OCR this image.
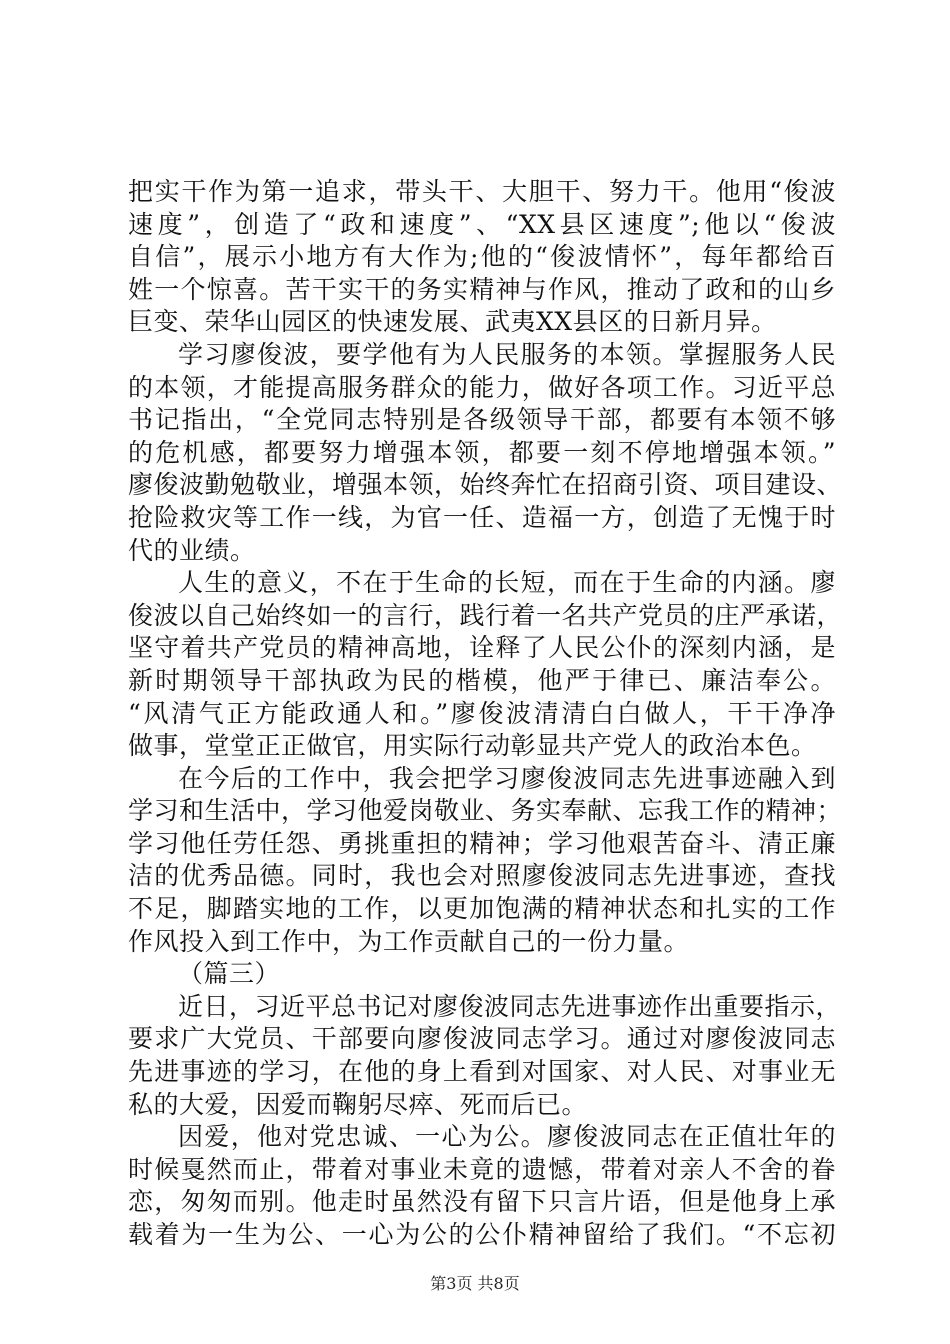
把实干作为第一追求，带头干、大胆干、努力干。他用“俊波
速度”，创造了“政和速度”、“XX县区速度”;他以“俊波
自信”，展示小地方有大作为;他的“俊波情怀”，每年都给百
姓一个惊喜。苦干实干的务实精神与作风，推动了政和的山乡
巨变、荣华山园区的快速发展、武夷XX县区的日新月异。
学习廖俊波，要学他有为人民服务的本领。掌握服务人民
的本领，才能提高服务群众的能力，做好各项工作。习近平总
书记指出，“全党同志特别是各级领导干部，都要有本领不够
的危机感，都要努力增强本领，都要一刻不停地增强本领。”
廖俊波勤勉敬业，增强本领，始终奔忙在招商引资、项目建设、
抢险救灾等工作一线，为官一任、造福一方，创造了无愧于时
代的业绩。
人生的意义，不在于生命的长短，而在于生命的内涵。廖
俊波以自己始终如一的言行，践行着一名共产党员的庄严承诺，
坚守着共产党员的精神高地，诠释了人民公仆的深刻内涵，是
新时期领导干部执政为民的楷模，他严于律已、廉洁奉公。
“风清气正方能政通人和。”廖俊波清清白白做人，干干净净
做事，堂堂正正做官，用实际行动彰显共产党人的政治本色。
在今后的工作中，我会把学习廖俊波同志先进事迹融入到
学习和生活中，学习他爱岗敬业、务实奉献、忘我工作的精神；
学习他任劳任怨、勇挑重担的精神；学习他艰苦奋斗、清正廉
洁的优秀品德。同时，我也会对照廖俊波同志先进事迹，查找
不足，脚踏实地的工作，以更加饱满的精神状态和扎实的工作
作风投入到工作中，为工作贡献自己的一份力量。
（篇三）
近日，习近平总书记对廖俊波同志先进事迹作出重要指示，
要求广大党员、干部要向廖俊波同志学习。通过对廖俊波同志
先进事迹的学习，在他的身上看到对国家、对人民、对事业无
私的大爱，因爱而鞠躬尽瘁、死而后已。
因爱，他对党忠诚、一心为公。廖俊波同志在正值壮年的
时候戛然而止，带着对事业未竟的遗憾，带着对亲人不舍的眷
恋，匆匆而别。他走时虽然没有留下只言片语，但是他身上承
载着为一生为公、一心为公的公仆精神留给了我们。“不忘初
第3页 共8页
